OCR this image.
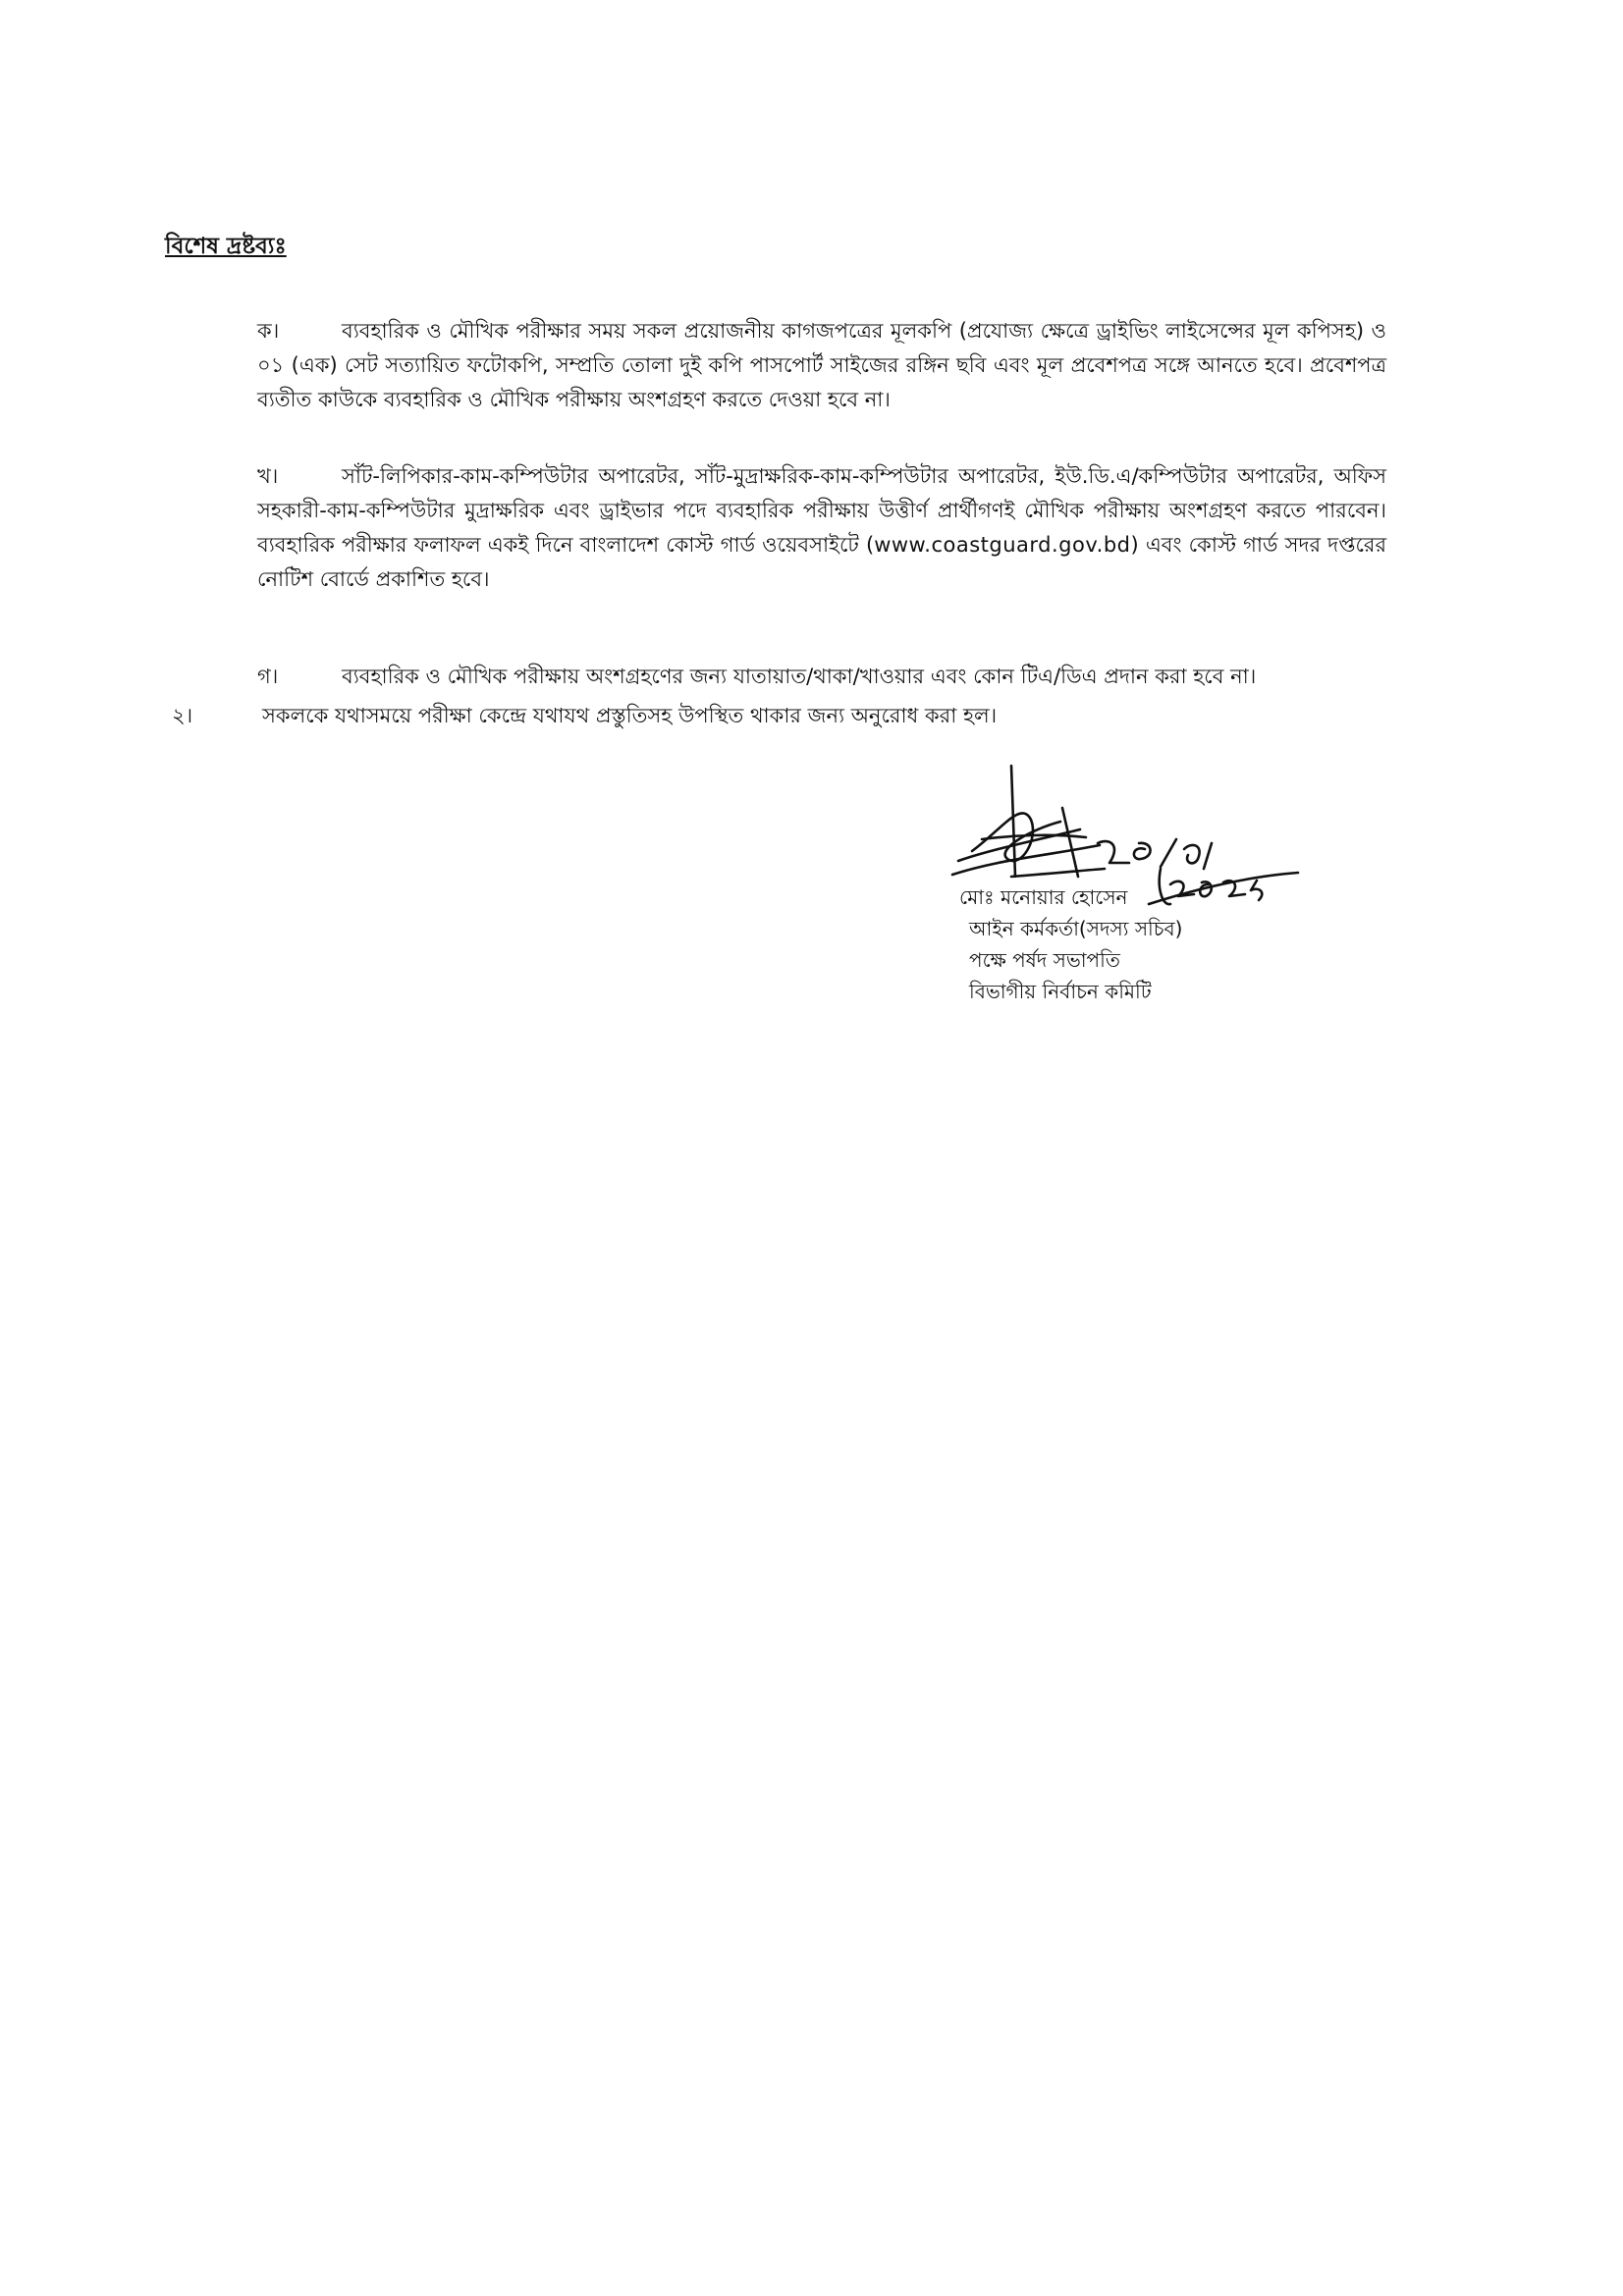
বিশেষ দ্রষ্টব্যঃ
ক।	ব্যবহারিক ও মৌখিক পরীক্ষার সময় সকল প্রয়োজনীয় কাগজপত্রের মূলকপি (প্রযোজ্য ক্ষেত্রে ড্রাইভিং লাইসেন্সের মূল কপিসহ) ও ০১ (এক) সেট সত্যায়িত ফটোকপি, সম্প্রতি তোলা দুই কপি পাসপোর্ট সাইজের রঙ্গিন ছবি এবং মূল প্রবেশপত্র সঙ্গে আনতে হবে। প্রবেশপত্র ব্যতীত কাউকে ব্যবহারিক ও মৌখিক পরীক্ষায় অংশগ্রহণ করতে দেওয়া হবে না।
খ।	সাঁট-লিপিকার-কাম-কম্পিউটার অপারেটর, সাঁট-মুদ্রাক্ষরিক-কাম-কম্পিউটার অপারেটর, ইউ.ডি.এ/কম্পিউটার অপারেটর, অফিস সহকারী-কাম-কম্পিউটার মুদ্রাক্ষরিক এবং ড্রাইভার পদে ব্যবহারিক পরীক্ষায় উত্তীর্ণ প্রার্থীগণই মৌখিক পরীক্ষায় অংশগ্রহণ করতে পারবেন। ব্যবহারিক পরীক্ষার ফলাফল একই দিনে বাংলাদেশ কোস্ট গার্ড ওয়েবসাইটে (www.coastguard.gov.bd) এবং কোস্ট গার্ড সদর দপ্তরের নোটিশ বোর্ডে প্রকাশিত হবে।
গ।	ব্যবহারিক ও মৌখিক পরীক্ষায় অংশগ্রহণের জন্য যাতায়াত/থাকা/খাওয়ার এবং কোন টিএ/ডিএ প্রদান করা হবে না।
২।	সকলকে যথাসময়ে পরীক্ষা কেন্দ্রে যথাযথ প্রস্তুতিসহ উপস্থিত থাকার জন্য অনুরোধ করা হল।
মোঃ মনোয়ার হোসেন
আইন কর্মকর্তা(সদস্য সচিব)
পক্ষে পর্ষদ সভাপতি
বিভাগীয় নির্বাচন কমিটি
